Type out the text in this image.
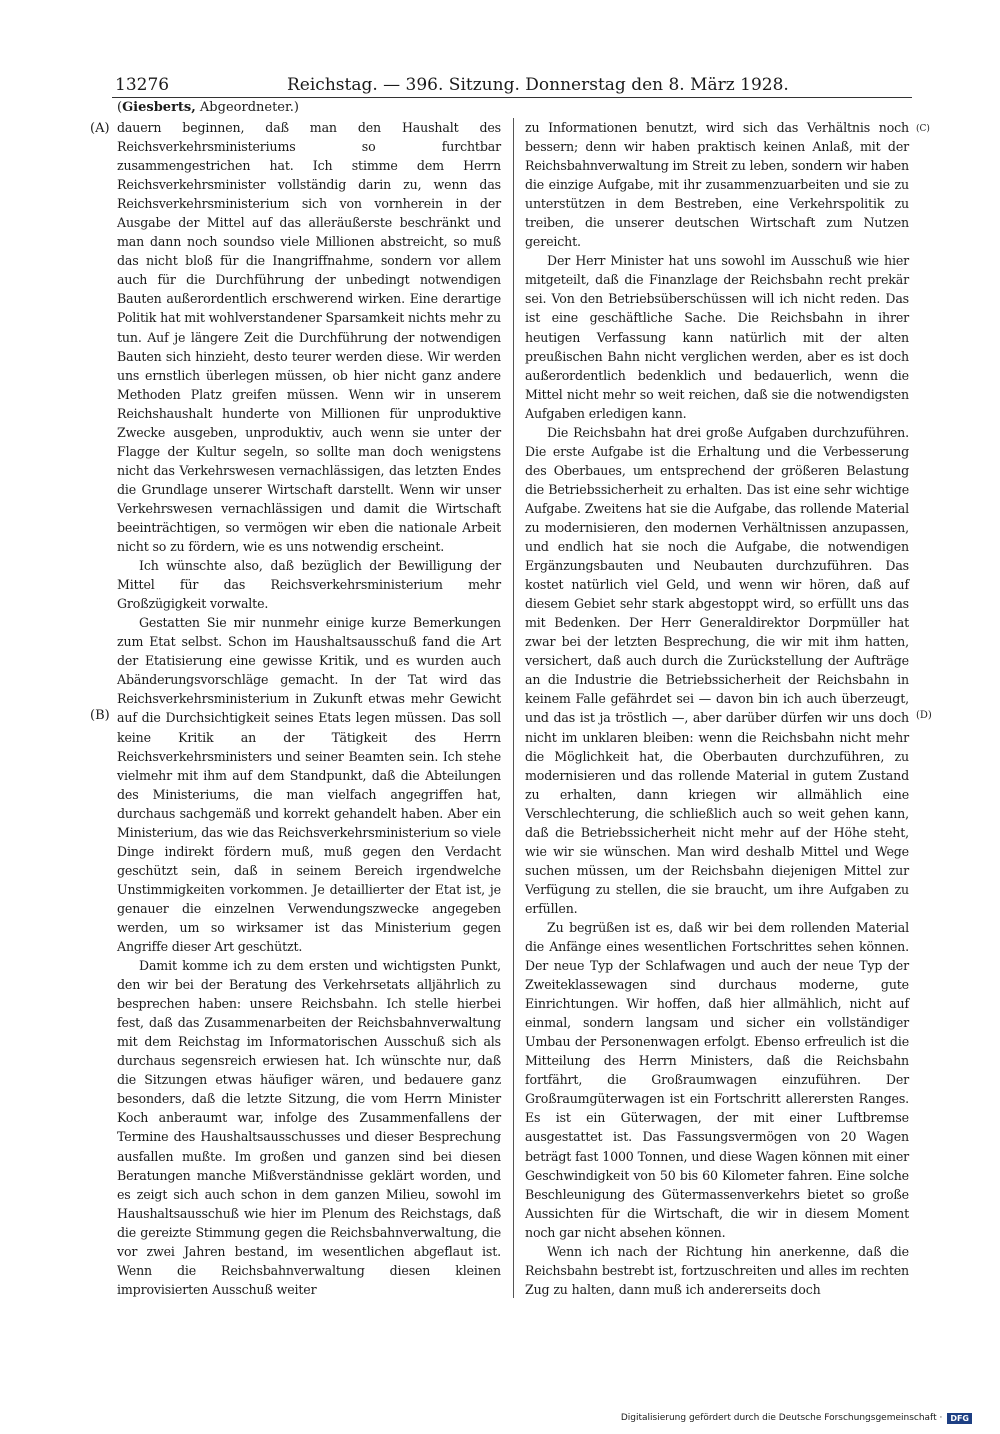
13276	Reichstag. — 396. Sitzung. Donnerstag den 8. März 1928.
(Giesberts, Abgeordneter.)
(A)
(B)
(C)
(D)

dauern beginnen, daß man den Haushalt des Reichsverkehrsministeriums so furchtbar zusammengestrichen hat. Ich stimme dem Herrn Reichsverkehrsminister vollständig darin zu, wenn das Reichsverkehrsministerium sich von vornherein in der Ausgabe der Mittel auf das alleräußerste beschränkt und man dann noch soundso viele Millionen abstreicht, so muß das nicht bloß für die Inangriffnahme, sondern vor allem auch für die Durchführung der unbedingt notwendigen Bauten außerordentlich erschwerend wirken. Eine derartige Politik hat mit wohlverstandener Sparsamkeit nichts mehr zu tun. Auf je längere Zeit die Durchführung der notwendigen Bauten sich hinzieht, desto teurer werden diese. Wir werden uns ernstlich überlegen müssen, ob hier nicht ganz andere Methoden Platz greifen müssen. Wenn wir in unserem Reichshaushalt hunderte von Millionen für unproduktive Zwecke ausgeben, unproduktiv, auch wenn sie unter der Flagge der Kultur segeln, so sollte man doch wenigstens nicht das Verkehrswesen vernachlässigen, das letzten Endes die Grundlage unserer Wirtschaft darstellt. Wenn wir unser Verkehrswesen vernachlässigen und damit die Wirtschaft beeinträchtigen, so vermögen wir eben die nationale Arbeit nicht so zu fördern, wie es uns notwendig erscheint.

Ich wünschte also, daß bezüglich der Bewilligung der Mittel für das Reichsverkehrsministerium mehr Großzügigkeit vorwalte.

Gestatten Sie mir nunmehr einige kurze Bemerkungen zum Etat selbst. Schon im Haushaltsausschuß fand die Art der Etatisierung eine gewisse Kritik, und es wurden auch Abänderungsvorschläge gemacht. In der Tat wird das Reichsverkehrsministerium in Zukunft etwas mehr Gewicht auf die Durchsichtigkeit seines Etats legen müssen. Das soll keine Kritik an der Tätigkeit des Herrn Reichsverkehrsministers und seiner Beamten sein. Ich stehe vielmehr mit ihm auf dem Standpunkt, daß die Abteilungen des Ministeriums, die man vielfach angegriffen hat, durchaus sachgemäß und korrekt gehandelt haben. Aber ein Ministerium, das wie das Reichsverkehrsministerium so viele Dinge indirekt fördern muß, muß gegen den Verdacht geschützt sein, daß in seinem Bereich irgendwelche Unstimmigkeiten vorkommen. Je detaillierter der Etat ist, je genauer die einzelnen Verwendungszwecke angegeben werden, um so wirksamer ist das Ministerium gegen Angriffe dieser Art geschützt.

Damit komme ich zu dem ersten und wichtigsten Punkt, den wir bei der Beratung des Verkehrsetats alljährlich zu besprechen haben: unsere Reichsbahn. Ich stelle hierbei fest, daß das Zusammenarbeiten der Reichsbahnverwaltung mit dem Reichstag im Informatorischen Ausschuß sich als durchaus segensreich erwiesen hat. Ich wünschte nur, daß die Sitzungen etwas häufiger wären, und bedauere ganz besonders, daß die letzte Sitzung, die vom Herrn Minister Koch anberaumt war, infolge des Zusammenfallens der Termine des Haushaltsausschusses und dieser Besprechung ausfallen mußte. Im großen und ganzen sind bei diesen Beratungen manche Mißverständnisse geklärt worden, und es zeigt sich auch schon in dem ganzen Milieu, sowohl im Haushaltsausschuß wie hier im Plenum des Reichstags, daß die gereizte Stimmung gegen die Reichsbahnverwaltung, die vor zwei Jahren bestand, im wesentlichen abgeflaut ist. Wenn die Reichsbahnverwaltung diesen kleinen improvisierten Ausschuß weiter

zu Informationen benutzt, wird sich das Verhältnis noch bessern; denn wir haben praktisch keinen Anlaß, mit der Reichsbahnverwaltung im Streit zu leben, sondern wir haben die einzige Aufgabe, mit ihr zusammenzuarbeiten und sie zu unterstützen in dem Bestreben, eine Verkehrspolitik zu treiben, die unserer deutschen Wirtschaft zum Nutzen gereicht.

Der Herr Minister hat uns sowohl im Ausschuß wie hier mitgeteilt, daß die Finanzlage der Reichsbahn recht prekär sei. Von den Betriebsüberschüssen will ich nicht reden. Das ist eine geschäftliche Sache. Die Reichsbahn in ihrer heutigen Verfassung kann natürlich mit der alten preußischen Bahn nicht verglichen werden, aber es ist doch außerordentlich bedenklich und bedauerlich, wenn die Mittel nicht mehr so weit reichen, daß sie die notwendigsten Aufgaben erledigen kann.

Die Reichsbahn hat drei große Aufgaben durchzuführen. Die erste Aufgabe ist die Erhaltung und die Verbesserung des Oberbaues, um entsprechend der größeren Belastung die Betriebssicherheit zu erhalten. Das ist eine sehr wichtige Aufgabe. Zweitens hat sie die Aufgabe, das rollende Material zu modernisieren, den modernen Verhältnissen anzupassen, und endlich hat sie noch die Aufgabe, die notwendigen Ergänzungsbauten und Neubauten durchzuführen. Das kostet natürlich viel Geld, und wenn wir hören, daß auf diesem Gebiet sehr stark abgestoppt wird, so erfüllt uns das mit Bedenken. Der Herr Generaldirektor Dorpmüller hat zwar bei der letzten Besprechung, die wir mit ihm hatten, versichert, daß auch durch die Zurückstellung der Aufträge an die Industrie die Betriebssicherheit der Reichsbahn in keinem Falle gefährdet sei — davon bin ich auch überzeugt, und das ist ja tröstlich —, aber darüber dürfen wir uns doch nicht im unklaren bleiben: wenn die Reichsbahn nicht mehr die Möglichkeit hat, die Oberbauten durchzuführen, zu modernisieren und das rollende Material in gutem Zustand zu erhalten, dann kriegen wir allmählich eine Verschlechterung, die schließlich auch so weit gehen kann, daß die Betriebssicherheit nicht mehr auf der Höhe steht, wie wir sie wünschen. Man wird deshalb Mittel und Wege suchen müssen, um der Reichsbahn diejenigen Mittel zur Verfügung zu stellen, die sie braucht, um ihre Aufgaben zu erfüllen.

Zu begrüßen ist es, daß wir bei dem rollenden Material die Anfänge eines wesentlichen Fortschrittes sehen können. Der neue Typ der Schlafwagen und auch der neue Typ der Zweiteklassewagen sind durchaus moderne, gute Einrichtungen. Wir hoffen, daß hier allmählich, nicht auf einmal, sondern langsam und sicher ein vollständiger Umbau der Personenwagen erfolgt. Ebenso erfreulich ist die Mitteilung des Herrn Ministers, daß die Reichsbahn fortfährt, die Großraumwagen einzuführen. Der Großraumgüterwagen ist ein Fortschritt allerersten Ranges. Es ist ein Güterwagen, der mit einer Luftbremse ausgestattet ist. Das Fassungsvermögen von 20 Wagen beträgt fast 1000 Tonnen, und diese Wagen können mit einer Geschwindigkeit von 50 bis 60 Kilometer fahren. Eine solche Beschleunigung des Gütermassenverkehrs bietet so große Aussichten für die Wirtschaft, die wir in diesem Moment noch gar nicht absehen können.

Wenn ich nach der Richtung hin anerkenne, daß die Reichsbahn bestrebt ist, fortzuschreiten und alles im rechten Zug zu halten, dann muß ich andererseits doch

Digitalisierung gefördert durch die Deutsche Forschungsgemeinschaft ·	DFG
